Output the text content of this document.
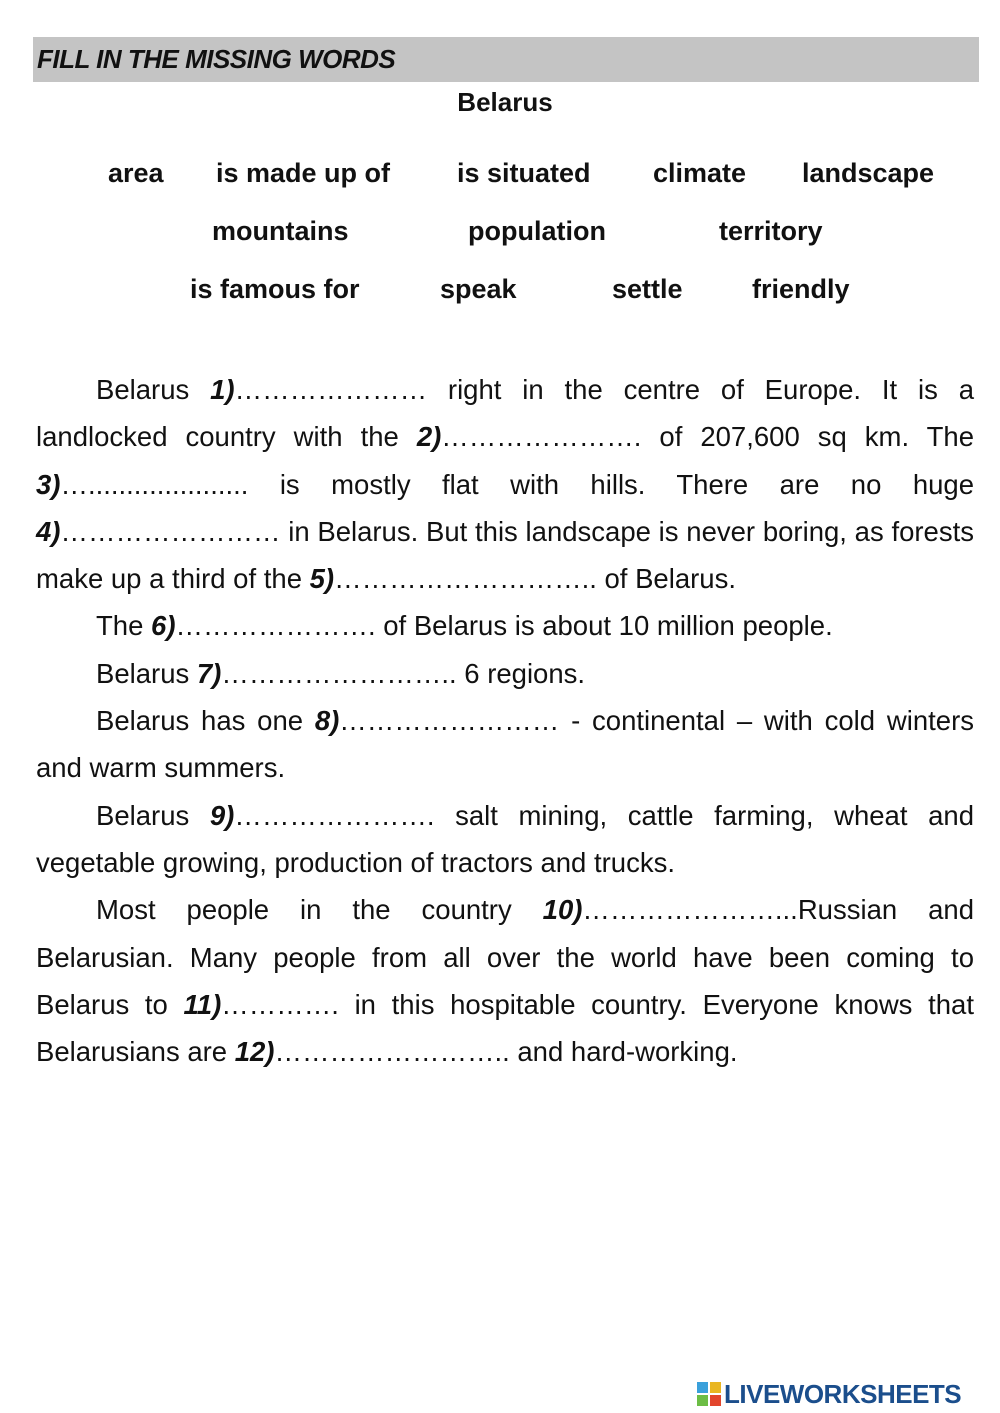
FILL IN THE MISSING WORDS
Belarus
area is made up of is situated climate landscape
mountains	population	territory
is famous for	speak	settle	friendly

Belarus 1)………………… right in the centre of Europe. It is a landlocked country with the 2)…………………. of 207,600 sq km. The 3)…..................... is mostly flat with hills. There are no huge 4)…………………… in Belarus. But this landscape is never boring, as forests make up a third of the 5)……………………….. of Belarus.

The 6)…………………. of Belarus is about 10 million people.

Belarus 7)…………………….. 6 regions.

Belarus has one 8)…………………… - continental – with cold winters and warm summers.

Belarus 9)…………………. salt mining, cattle farming, wheat and vegetable growing, production of tractors and trucks.

Most people in the country 10)…………………...Russian and Belarusian. Many people from all over the world have been coming to Belarus to 11)…………. in this hospitable country. Everyone knows that Belarusians are 12)…………………….. and hard-working.

LIVEWORKSHEETS
